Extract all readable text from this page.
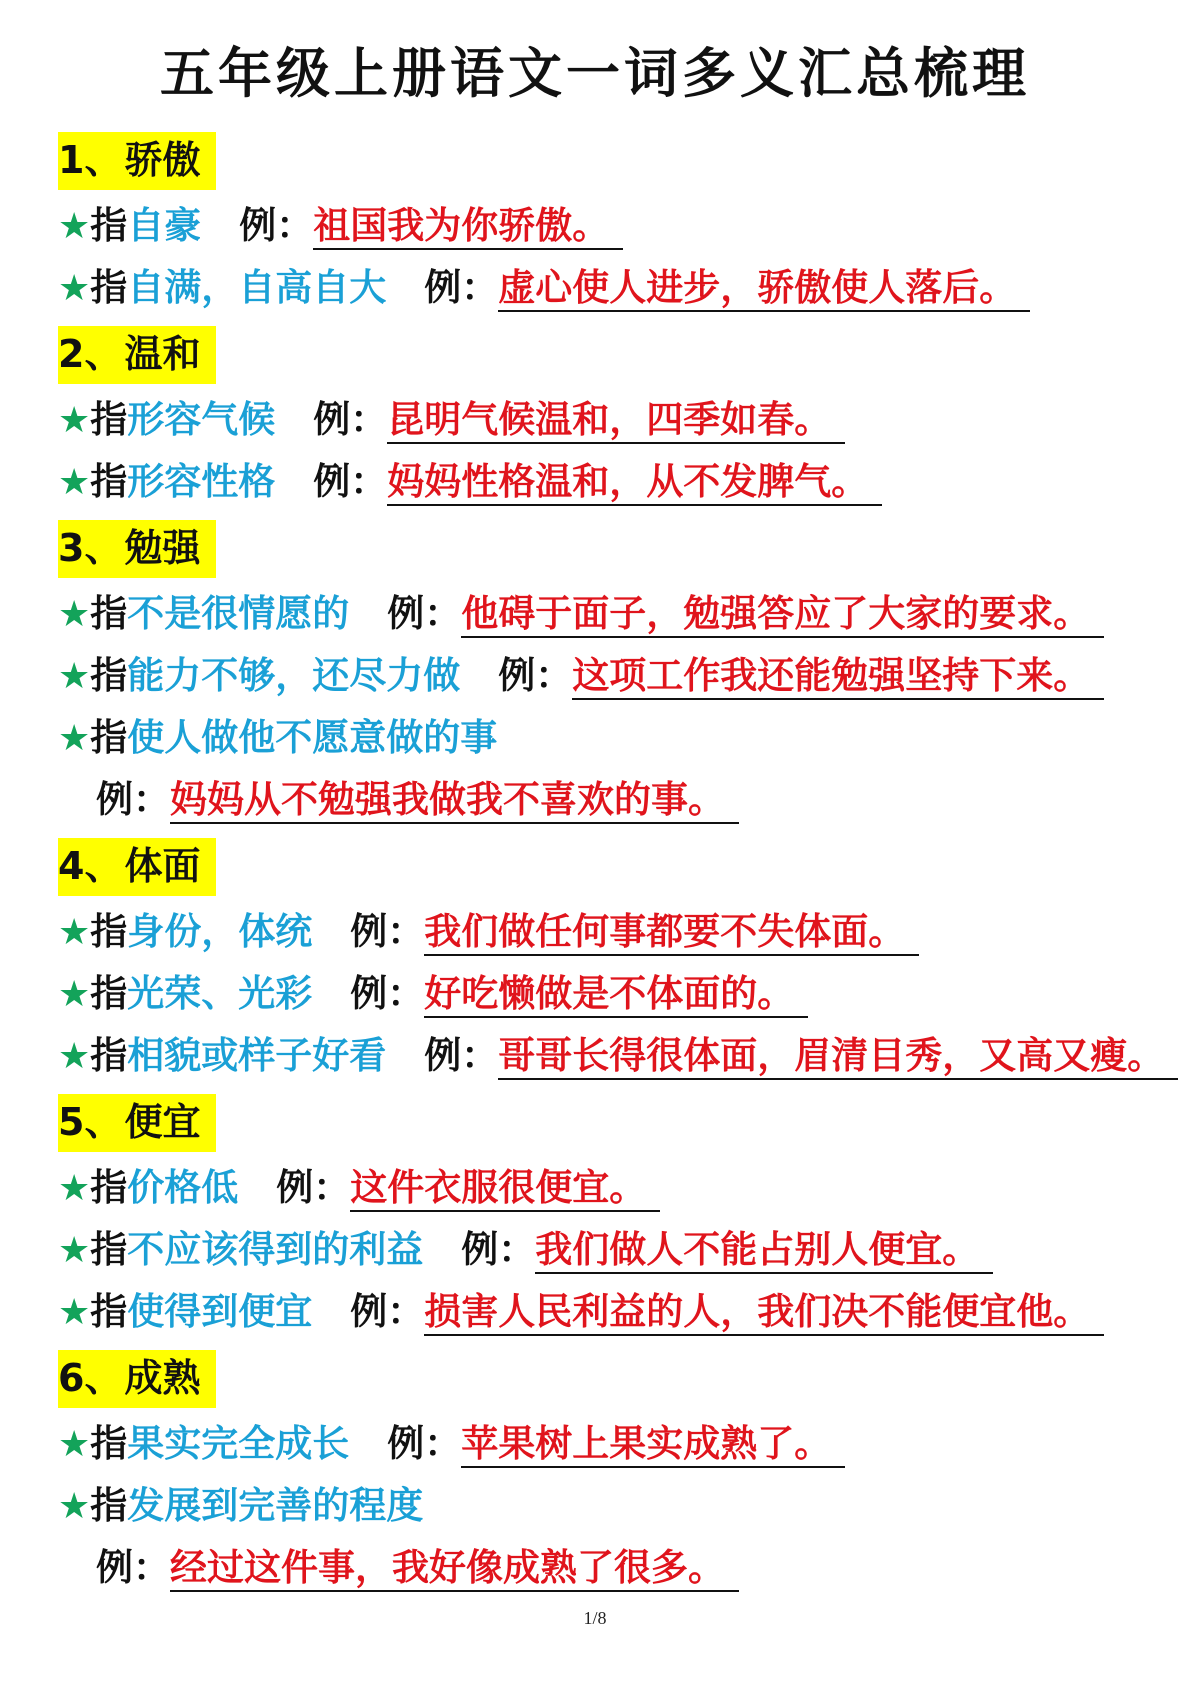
五年级上册语文一词多义汇总梳理
1、骄傲
★指自豪 例：祖国我为你骄傲。
★指自满，自高自大 例：虚心使人进步，骄傲使人落后。
2、温和
★指形容气候 例：昆明气候温和，四季如春。
★指形容性格 例：妈妈性格温和，从不发脾气。
3、勉强
★指不是很情愿的 例：他碍于面子，勉强答应了大家的要求。
★指能力不够，还尽力做 例：这项工作我还能勉强坚持下来。
★指使人做他不愿意做的事
例：妈妈从不勉强我做我不喜欢的事。
4、体面
★指身份，体统 例：我们做任何事都要不失体面。
★指光荣、光彩 例：好吃懒做是不体面的。
★指相貌或样子好看 例：哥哥长得很体面，眉清目秀，又高又瘦。
5、便宜
★指价格低 例：这件衣服很便宜。
★指不应该得到的利益 例：我们做人不能占别人便宜。
★指使得到便宜 例：损害人民利益的人，我们决不能便宜他。
6、成熟
★指果实完全成长 例：苹果树上果实成熟了。
★指发展到完善的程度
例：经过这件事，我好像成熟了很多。
1/8
